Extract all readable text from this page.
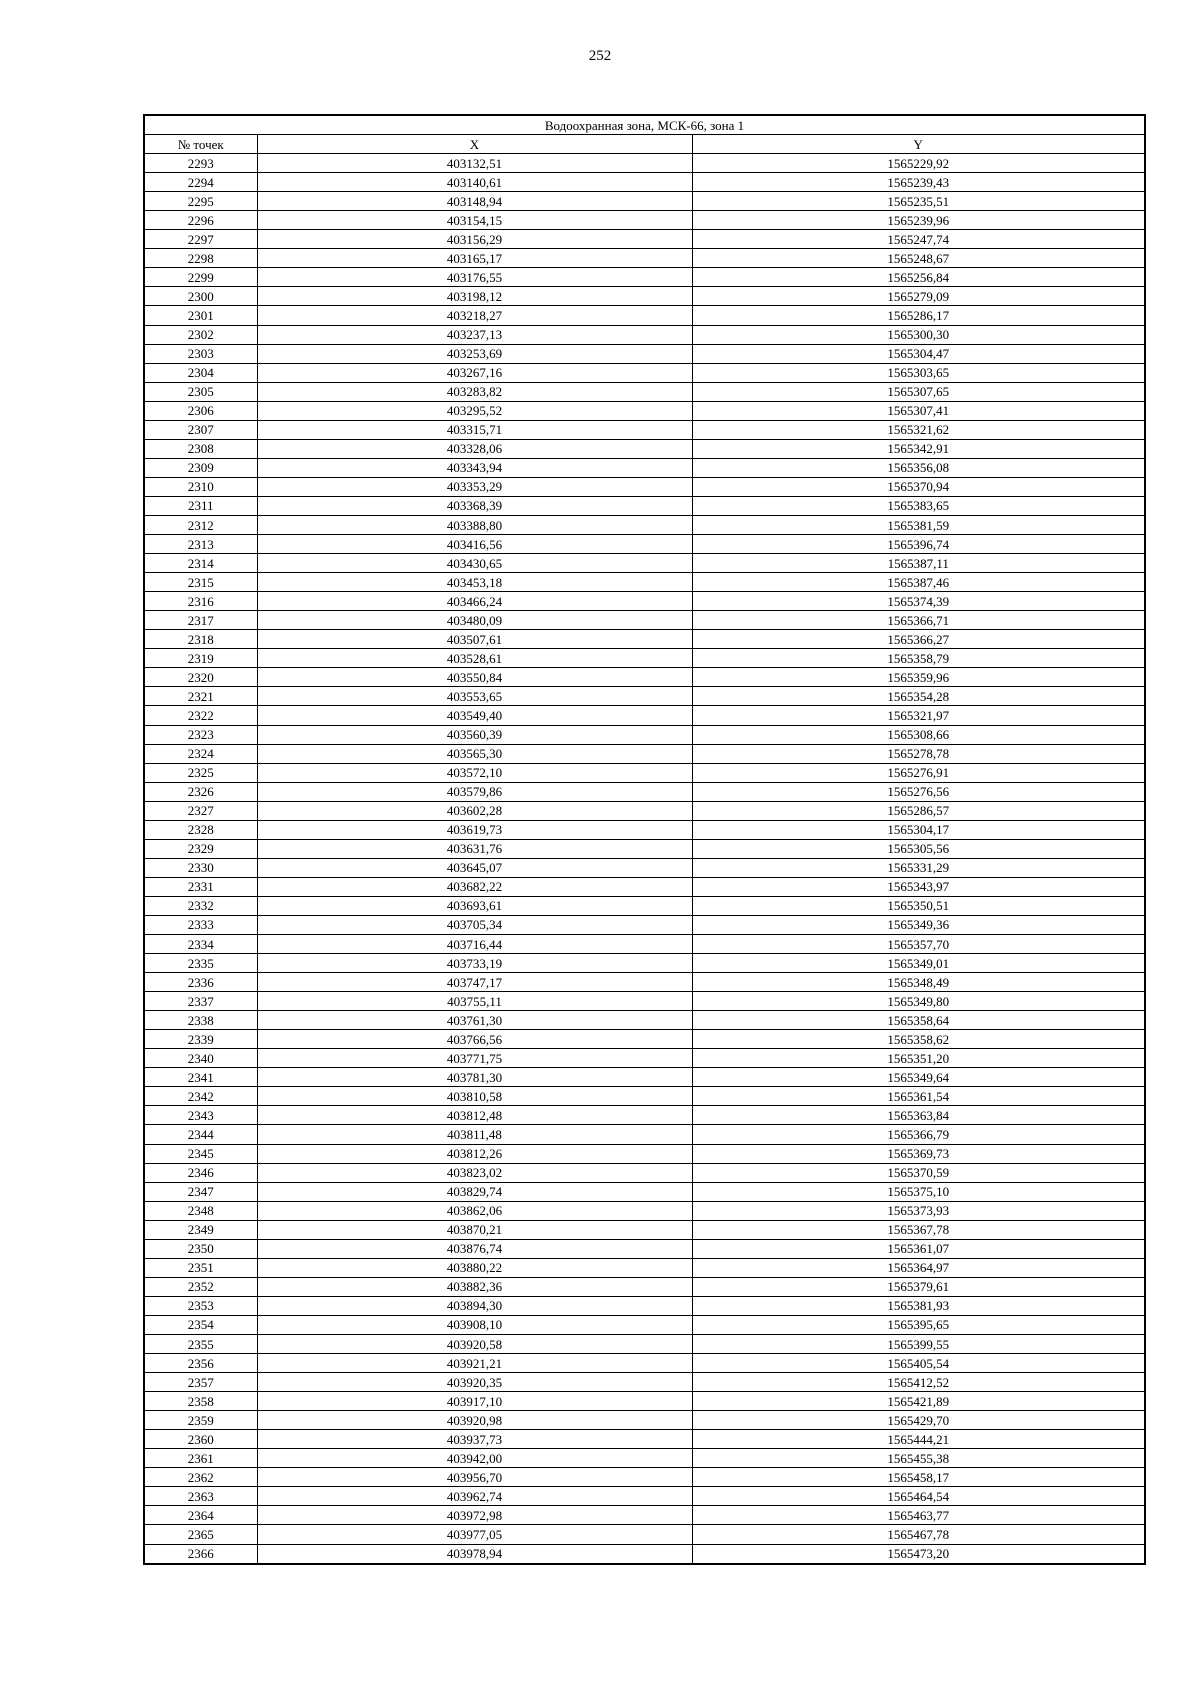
252
Водоохранная зона, МСК-66, зона 1		
№ точек	X	Y
2293	403132,51	1565229,92
2294	403140,61	1565239,43
2295	403148,94	1565235,51
2296	403154,15	1565239,96
2297	403156,29	1565247,74
2298	403165,17	1565248,67
2299	403176,55	1565256,84
2300	403198,12	1565279,09
2301	403218,27	1565286,17
2302	403237,13	1565300,30
2303	403253,69	1565304,47
2304	403267,16	1565303,65
2305	403283,82	1565307,65
2306	403295,52	1565307,41
2307	403315,71	1565321,62
2308	403328,06	1565342,91
2309	403343,94	1565356,08
2310	403353,29	1565370,94
2311	403368,39	1565383,65
2312	403388,80	1565381,59
2313	403416,56	1565396,74
2314	403430,65	1565387,11
2315	403453,18	1565387,46
2316	403466,24	1565374,39
2317	403480,09	1565366,71
2318	403507,61	1565366,27
2319	403528,61	1565358,79
2320	403550,84	1565359,96
2321	403553,65	1565354,28
2322	403549,40	1565321,97
2323	403560,39	1565308,66
2324	403565,30	1565278,78
2325	403572,10	1565276,91
2326	403579,86	1565276,56
2327	403602,28	1565286,57
2328	403619,73	1565304,17
2329	403631,76	1565305,56
2330	403645,07	1565331,29
2331	403682,22	1565343,97
2332	403693,61	1565350,51
2333	403705,34	1565349,36
2334	403716,44	1565357,70
2335	403733,19	1565349,01
2336	403747,17	1565348,49
2337	403755,11	1565349,80
2338	403761,30	1565358,64
2339	403766,56	1565358,62
2340	403771,75	1565351,20
2341	403781,30	1565349,64
2342	403810,58	1565361,54
2343	403812,48	1565363,84
2344	403811,48	1565366,79
2345	403812,26	1565369,73
2346	403823,02	1565370,59
2347	403829,74	1565375,10
2348	403862,06	1565373,93
2349	403870,21	1565367,78
2350	403876,74	1565361,07
2351	403880,22	1565364,97
2352	403882,36	1565379,61
2353	403894,30	1565381,93
2354	403908,10	1565395,65
2355	403920,58	1565399,55
2356	403921,21	1565405,54
2357	403920,35	1565412,52
2358	403917,10	1565421,89
2359	403920,98	1565429,70
2360	403937,73	1565444,21
2361	403942,00	1565455,38
2362	403956,70	1565458,17
2363	403962,74	1565464,54
2364	403972,98	1565463,77
2365	403977,05	1565467,78
2366	403978,94	1565473,20
